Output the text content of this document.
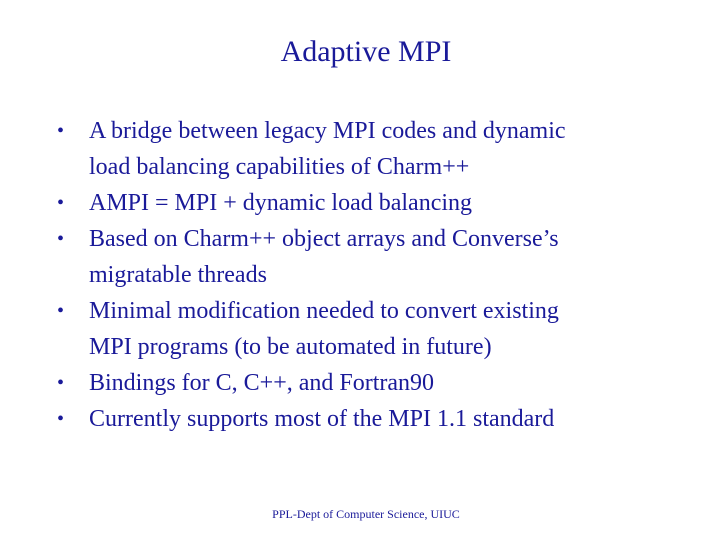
Adaptive MPI
•	A bridge between legacy MPI codes and dynamic
load balancing capabilities of Charm++
•	AMPI = MPI + dynamic load balancing
•	Based on Charm++ object arrays and Converse’s
migratable threads
•	Minimal modification needed to convert existing
MPI programs (to be automated in future)
•	Bindings for C, C++, and Fortran90
•	Currently supports most of the MPI 1.1 standard
PPL-Dept of Computer Science, UIUC
